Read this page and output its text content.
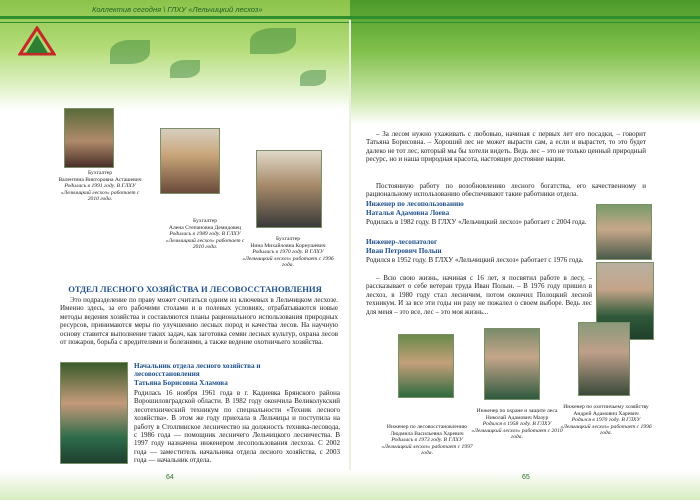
Коллектив сегодня \ ГЛХУ «Лельчицкий лесхоз»
Бухгалтер
Валентина Викторовна Асташевич
Родилась в 1991 году. В ГЛХУ «Лельчицкий лесхоз» работает с 2010 года.
Бухгалтер
Алена Степановна Демидовец
Родилась в 1989 году. В ГЛХУ «Лельчицкий лесхоз» работает с 2010 года.
Бухгалтер
Нина Михайловна Корнушевич
Родилась в 1970 году. В ГЛХУ «Лельчицкий лесхоз» работает с 1996 года.
ОТДЕЛ ЛЕСНОГО ХОЗЯЙСТВА И ЛЕСОВОССТАНОВЛЕНИЯ
Это подразделение по праву может считаться одним из ключевых в Лельчицком лесхозе. Именно здесь, за его рабочими столами и в полевых условиях, отрабатываются новые методы ведения хозяйства и составляются планы рационального использования природных ресурсов, принимаются меры по улучшению лесных пород и качества лесов. На научную основу ставится выполнение таких задач, как заготовка семян лесных культур, охрана лесов от пожаров, борьба с вредителями и болезнями, а также ведение охотничьего хозяйства.
Начальник отдела лесного хозяйства и лесовосстановления
Татьяна Борисовна Хламова
Родилась 16 ноября 1961 года в г. Кадиевка Брянского района Ворошиловградской области. В 1982 году окончила Великолукский лесотехнический техникум по специальности «Техник лесного хозяйства». В этом же году приехала в Лельчицы и поступила на работу в Столпинское лесничество на должность техника-лесовода, с 1986 года — помощник лесничего Лельчицкого лесничества. В 1997 году назначена инженером лесопользования лесхоза. С 2002 года — заместитель начальника отдела лесного хозяйства, с 2003 года — начальник отдела.
64
– За лесом нужно ухаживать с любовью, начиная с первых лет его посадки, – говорит Татьяна Борисовна. – Хороший лес не может вырасти сам, а если и вырастет, то это будет далеко не тот лес, который мы бы хотели видеть. Ведь лес – это не только ценный природный ресурс, но и наша природная красота, настоящее достояние нации.
Постоянную работу по возобновлению лесного богатства, его качественному и рациональному использованию обеспечивают такие работники отдела.
Инженер по лесопользованию
Наталья Адамовна Лоева
Родилась в 1982 году. В ГЛХУ «Лельчицкий лесхоз» работает с 2004 года.
Инженер-лесопатолог
Иван Петрович Полын
Родился в 1952 году. В ГЛХУ «Лельчицкий лесхоз» работает с 1976 года.
– Всю свою жизнь, начиная с 16 лет, я посвятил работе в лесу, – рассказывает о себе ветеран труда Иван Полын. – В 1976 году пришел в лесхоз, в 1980 году стал лесничим, потом окончил Полоцкий лесной техникум. И за все эти годы ни разу не пожалел о своем выборе. Ведь лес для меня – это все, лес – это моя жизнь...
Инженер по лесовосстановлению
Людмила Васильевна Харевич
Родилась в 1973 году. В ГЛХУ «Лельчицкий лесхоз» работает с 1997 года.
Инженер по охране и защите леса
Николай Адамович Мазур
Родился в 1958 году. В ГЛХУ «Лельчицкий лесхоз» работает с 2010 года.
Инженер по охотничьему хозяйству
Андрей Адамович Харевич
Родился в 1970 году. В ГЛХУ «Лельчицкий лесхоз» работает с 1996 года.
65
